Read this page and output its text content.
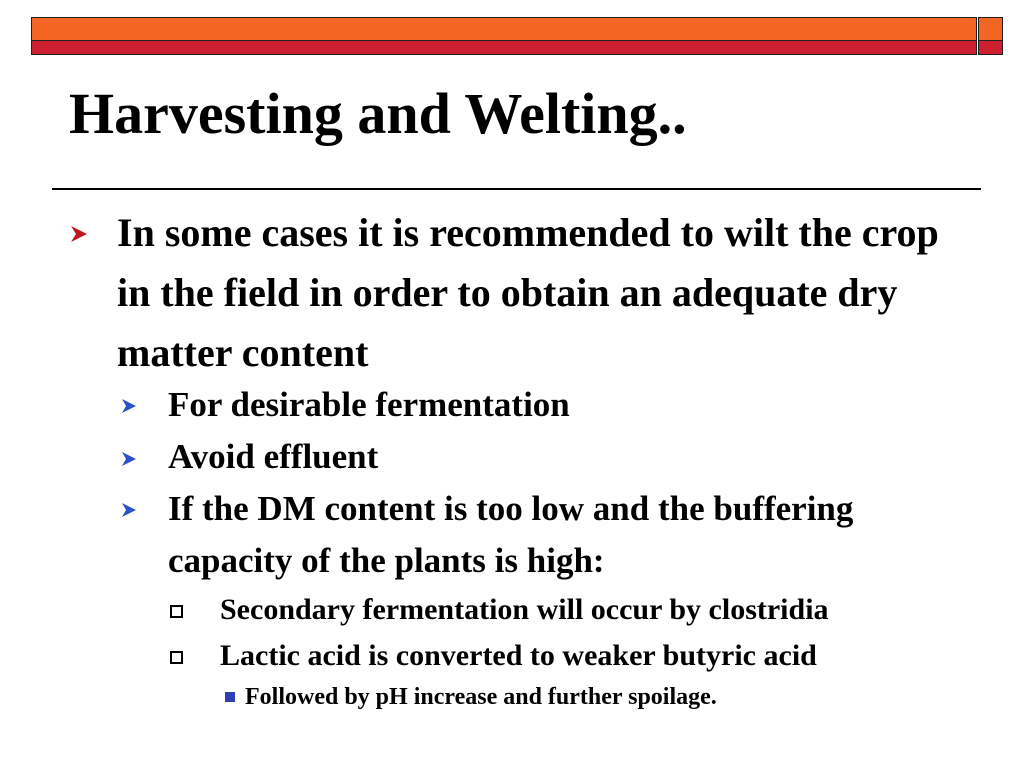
Harvesting and Welting..
In some cases it is recommended to wilt the crop in the field in order to obtain an adequate dry matter content
For desirable fermentation
Avoid effluent
If the DM content is too low and the buffering capacity of the plants is high:
Secondary fermentation will occur by clostridia
Lactic acid is converted to weaker butyric acid
Followed by pH increase and further spoilage.
